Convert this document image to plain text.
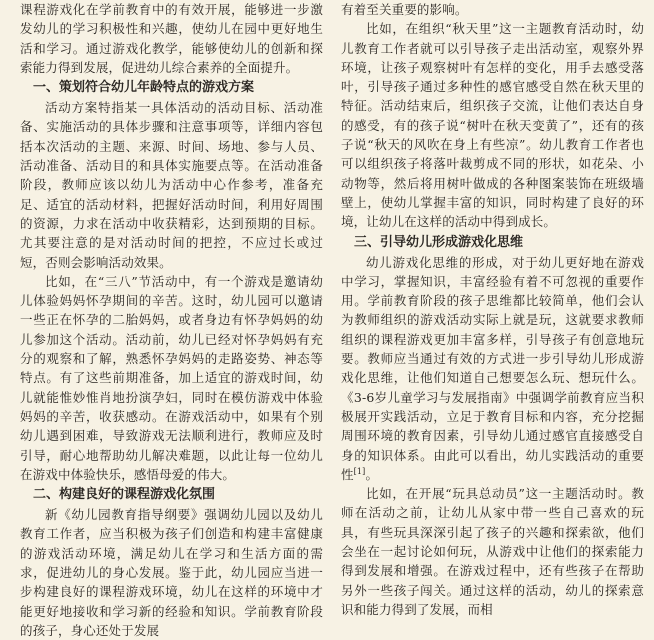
课程游戏化在学前教育中的有效开展，能够进一步激发幼儿的学习积极性和兴趣，使幼儿在园中更好地生活和学习。通过游戏化教学，能够使幼儿的创新和探索能力得到发展，促进幼儿综合素养的全面提升。

一、策划符合幼儿年龄特点的游戏方案

活动方案特指某一具体活动的活动目标、活动准备、实施活动的具体步骤和注意事项等，详细内容包括本次活动的主题、来源、时间、场地、参与人员、活动准备、活动目的和具体实施要点等。在活动准备阶段，教师应该以幼儿为活动中心作参考，准备充足、适宜的活动材料，把握好活动时间，利用好周围的资源，力求在活动中收获精彩，达到预期的目标。尤其要注意的是对活动时间的把控，不应过长或过短，否则会影响活动效果。

比如，在“三八”节活动中，有一个游戏是邀请幼儿体验妈妈怀孕期间的辛苦。这时，幼儿园可以邀请一些正在怀孕的二胎妈妈，或者身边有怀孕妈妈的幼儿参加这个活动。活动前，幼儿已经对怀孕妈妈有充分的观察和了解，熟悉怀孕妈妈的走路姿势、神态等特点。有了这些前期准备，加上适宜的游戏时间，幼儿就能惟妙惟肖地扮演孕妇，同时在模仿游戏中体验妈妈的辛苦，收获感动。在游戏活动中，如果有个别幼儿遇到困难，导致游戏无法顺利进行，教师应及时引导，耐心地帮助幼儿解决难题，以此让每一位幼儿在游戏中体验快乐，感悟母爱的伟大。

二、构建良好的课程游戏化氛围

新《幼儿园教育指导纲要》强调幼儿园以及幼儿教育工作者，应当积极为孩子们创造和构建丰富健康的游戏活动环境，满足幼儿在学习和生活方面的需求，促进幼儿的身心发展。鉴于此，幼儿园应当进一步构建良好的课程游戏环境，幼儿在这样的环境中才能更好地接收和学习新的经验和知识。学前教育阶段的孩子，身心还处于发展

有着至关重要的影响。

比如，在组织“秋天里”这一主题教育活动时，幼儿教育工作者就可以引导孩子走出活动室，观察外界环境，让孩子观察树叶有怎样的变化，用手去感受落叶，引导孩子通过多种性的感官感受自然在秋天里的特征。活动结束后，组织孩子交流，让他们表达自身的感受，有的孩子说“树叶在秋天变黄了”，还有的孩子说“秋天的风吹在身上有些凉”。幼儿教育工作者也可以组织孩子将落叶裁剪成不同的形状，如花朵、小动物等，然后将用树叶做成的各种图案装饰在班级墙壁上，使幼儿掌握丰富的知识，同时构建了良好的环境，让幼儿在这样的活动中得到成长。

三、引导幼儿形成游戏化思维

幼儿游戏化思维的形成，对于幼儿更好地在游戏中学习，掌握知识，丰富经验有着不可忽视的重要作用。学前教育阶段的孩子思维都比较简单，他们会认为教师组织的游戏活动实际上就是玩，这就要求教师组织的课程游戏更加丰富多样，引导孩子有创意地玩要。教师应当通过有效的方式进一步引导幼儿形成游戏化思维，让他们知道自己想要怎么玩、想玩什么。《3-6岁儿童学习与发展指南》中强调学前教育应当积极展开实践活动，立足于教育目标和内容，充分挖掘周围环境的教育因素，引导幼儿通过感官直接感受自身的知识体系。由此可以看出，幼儿实践活动的重要性[1]。

比如，在开展“玩具总动员”这一主题活动时。教师在活动之前，让幼儿从家中带一些自己喜欢的玩具，有些玩具深深引起了孩子的兴趣和探索欲，他们会坐在一起讨论如何玩，从游戏中让他们的探索能力得到发展和增强。在游戏过程中，还有些孩子在帮助另外一些孩子闯关。通过这样的活动，幼儿的探索意识和能力得到了发展，而相
